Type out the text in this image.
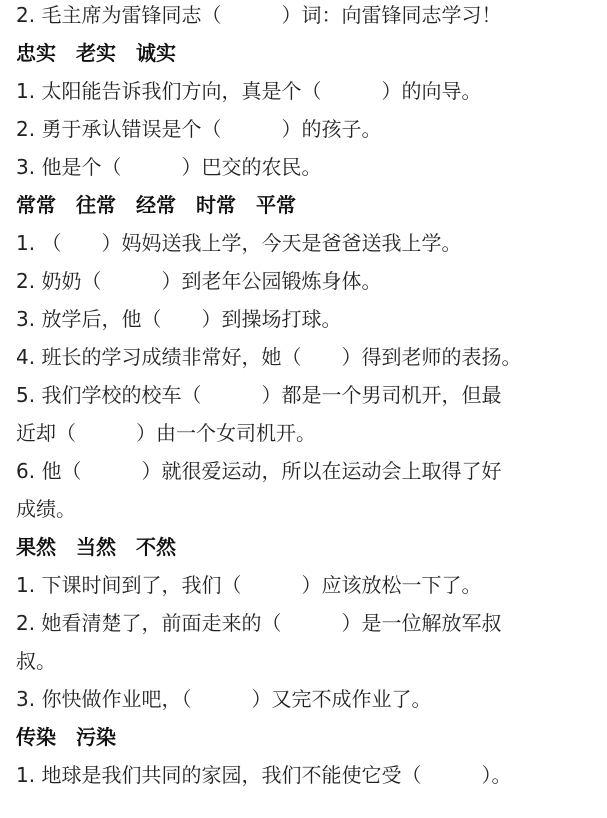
2. 毛主席为雷锋同志（　　　）词：向雷锋同志学习！
忠实　老实　诚实
1. 太阳能告诉我们方向，真是个（　　　）的向导。
2. 勇于承认错误是个（　　　）的孩子。
3. 他是个（　　　）巴交的农民。
常常　往常　经常　时常　平常
1. （　　）妈妈送我上学，今天是爸爸送我上学。
2. 奶奶（　　　）到老年公园锻炼身体。
3. 放学后，他（　　）到操场打球。
4. 班长的学习成绩非常好，她（　　）得到老师的表扬。
5. 我们学校的校车（　　　）都是一个男司机开，但最
近却（　　　）由一个女司机开。
6. 他（　　　）就很爱运动，所以在运动会上取得了好
成绩。
果然　当然　不然
1. 下课时间到了，我们（　　　）应该放松一下了。
2. 她看清楚了，前面走来的（　　　）是一位解放军叔
叔。
3. 你快做作业吧，（　　　）又完不成作业了。
传染　污染
1. 地球是我们共同的家园，我们不能使它受（　　　）。
